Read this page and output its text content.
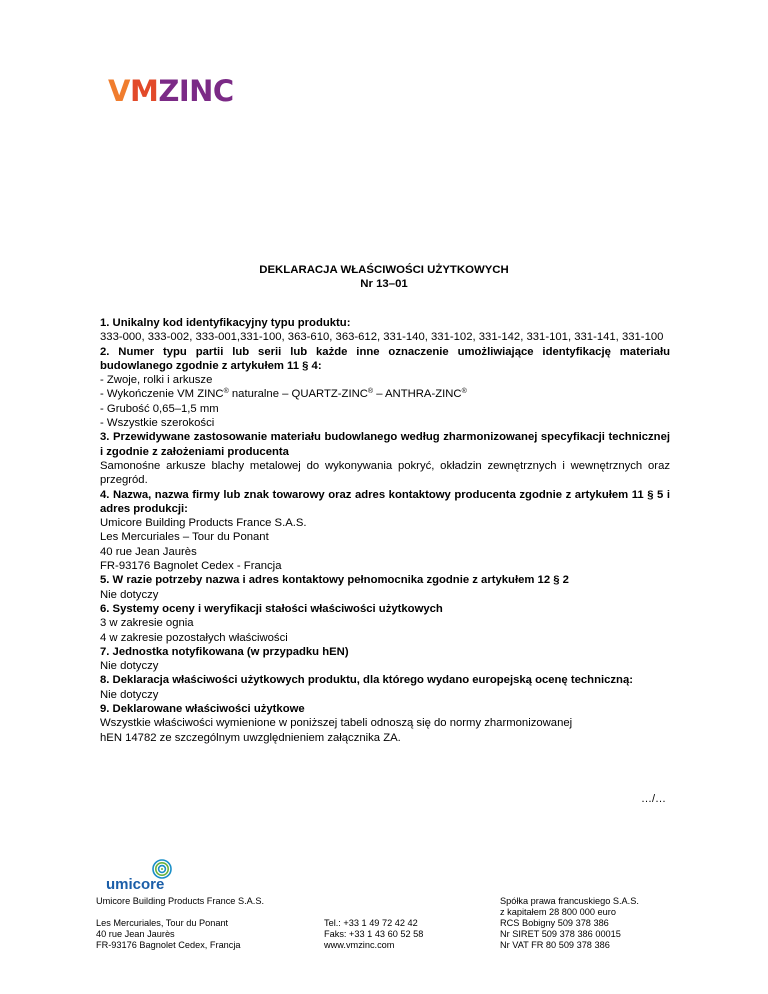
VMZINC
DEKLARACJA WŁAŚCIWOŚCI UŻYTKOWYCH
Nr 13–01
1. Unikalny kod identyfikacyjny typu produktu:
333-000, 333-002, 333-001,331-100, 363-610, 363-612, 331-140, 331-102, 331-142, 331-101, 331-141, 331-100
2. Numer typu partii lub serii lub każde inne oznaczenie umożliwiające identyfikację materiału budowlanego zgodnie z artykułem 11 § 4:
- Zwoje, rolki i arkusze
- Wykończenie VM ZINC® naturalne – QUARTZ-ZINC® – ANTHRA-ZINC®
- Grubość 0,65–1,5 mm
- Wszystkie szerokości
3. Przewidywane zastosowanie materiału budowlanego według zharmonizowanej specyfikacji technicznej i zgodnie z założeniami producenta
Samonośne arkusze blachy metalowej do wykonywania pokryć, okładzin zewnętrznych i wewnętrznych oraz przegród.
4. Nazwa, nazwa firmy lub znak towarowy oraz adres kontaktowy producenta zgodnie z artykułem 11 § 5 i adres produkcji:
Umicore Building Products France S.A.S.
Les Mercuriales – Tour du Ponant
40 rue Jean Jaurès
FR-93176 Bagnolet Cedex - Francja
5. W razie potrzeby nazwa i adres kontaktowy pełnomocnika zgodnie z artykułem 12 § 2
Nie dotyczy
6. Systemy oceny i weryfikacji stałości właściwości użytkowych
3 w zakresie ognia
4 w zakresie pozostałych właściwości
7. Jednostka notyfikowana (w przypadku hEN)
Nie dotyczy
8. Deklaracja właściwości użytkowych produktu, dla którego wydano europejską ocenę techniczną:
Nie dotyczy
9. Deklarowane właściwości użytkowe
Wszystkie właściwości wymienione w poniższej tabeli odnoszą się do normy zharmonizowanej
hEN 14782 ze szczególnym uwzględnieniem załącznika ZA.
…/…
umicore
Umicore Building Products France S.A.S.
Les Mercuriales, Tour du Ponant
40 rue Jean Jaurès
FR-93176 Bagnolet Cedex, Francja
Tel.: +33 1 49 72 42 42
Faks: +33 1 43 60 52 58
www.vmzinc.com
Spółka prawa francuskiego S.A.S.
z kapitałem 28 800 000 euro
RCS Bobigny 509 378 386
Nr SIRET 509 378 386 00015
Nr VAT FR 80 509 378 386
